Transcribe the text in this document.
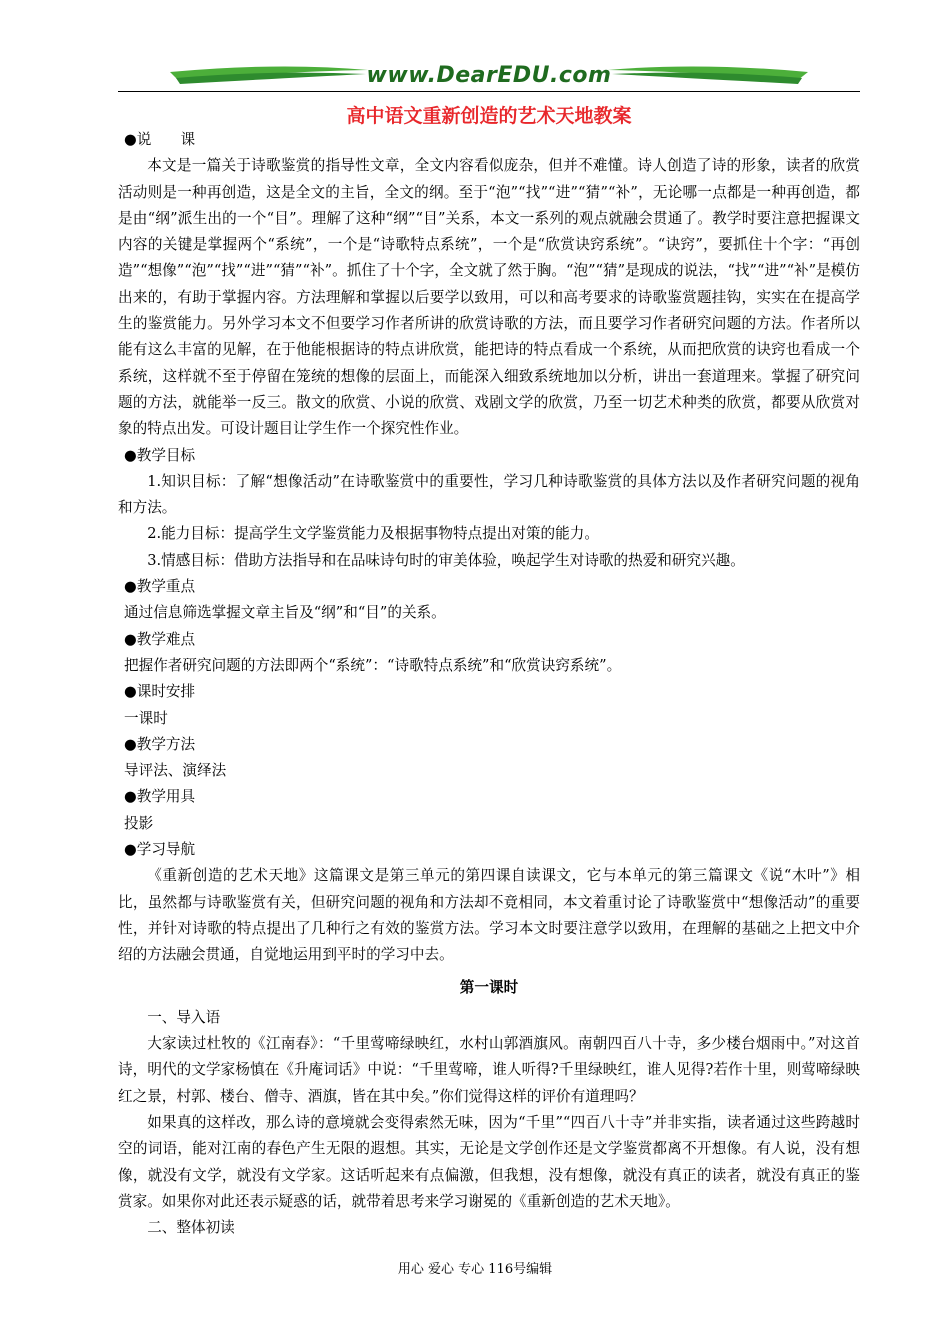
www.DearEDU.com
高中语文重新创造的艺术天地教案

●说　　课

本文是一篇关于诗歌鉴赏的指导性文章，全文内容看似庞杂，但并不难懂。诗人创造了诗的形象，读者的欣赏活动则是一种再创造，这是全文的主旨，全文的纲。至于“泡”“找”“进”“猜”“补”，无论哪一点都是一种再创造，都是由“纲”派生出的一个“目”。理解了这种“纲”“目”关系，本文一系列的观点就融会贯通了。教学时要注意把握课文内容的关键是掌握两个“系统”，一个是“诗歌特点系统”，一个是“欣赏诀窍系统”。“诀窍”，要抓住十个字：“再创造”“想像”“泡”“找”“进”“猜”“补”。抓住了十个字，全文就了然于胸。“泡”“猜”是现成的说法，“找”“进”“补”是模仿出来的，有助于掌握内容。方法理解和掌握以后要学以致用，可以和高考要求的诗歌鉴赏题挂钩，实实在在提高学生的鉴赏能力。另外学习本文不但要学习作者所讲的欣赏诗歌的方法，而且要学习作者研究问题的方法。作者所以能有这么丰富的见解，在于他能根据诗的特点讲欣赏，能把诗的特点看成一个系统，从而把欣赏的诀窍也看成一个系统，这样就不至于停留在笼统的想像的层面上，而能深入细致系统地加以分析，讲出一套道理来。掌握了研究问题的方法，就能举一反三。散文的欣赏、小说的欣赏、戏剧文学的欣赏，乃至一切艺术种类的欣赏，都要从欣赏对象的特点出发。可设计题目让学生作一个探究性作业。

●教学目标

1.知识目标：了解“想像活动”在诗歌鉴赏中的重要性，学习几种诗歌鉴赏的具体方法以及作者研究问题的视角和方法。

2.能力目标：提高学生文学鉴赏能力及根据事物特点提出对策的能力。

3.情感目标：借助方法指导和在品味诗句时的审美体验，唤起学生对诗歌的热爱和研究兴趣。

●教学重点

通过信息筛选掌握文章主旨及“纲”和“目”的关系。

●教学难点

把握作者研究问题的方法即两个“系统”：“诗歌特点系统”和“欣赏诀窍系统”。

●课时安排

一课时

●教学方法

导评法、演绎法

●教学用具

投影

●学习导航

《重新创造的艺术天地》这篇课文是第三单元的第四课自读课文，它与本单元的第三篇课文《说“木叶”》相比，虽然都与诗歌鉴赏有关，但研究问题的视角和方法却不竟相同，本文着重讨论了诗歌鉴赏中“想像活动”的重要性，并针对诗歌的特点提出了几种行之有效的鉴赏方法。学习本文时要注意学以致用，在理解的基础之上把文中介绍的方法融会贯通，自觉地运用到平时的学习中去。

第一课时

一、导入语

大家读过杜牧的《江南春》：“千里莺啼绿映红，水村山郭酒旗风。南朝四百八十寺，多少楼台烟雨中。”对这首诗，明代的文学家杨慎在《升庵词话》中说：“千里莺啼，谁人听得?千里绿映红，谁人见得?若作十里，则莺啼绿映红之景，村郭、楼台、僧寺、酒旗，皆在其中矣。”你们觉得这样的评价有道理吗？

如果真的这样改，那么诗的意境就会变得索然无味，因为“千里”“四百八十寺”并非实指，读者通过这些跨越时空的词语，能对江南的春色产生无限的遐想。其实，无论是文学创作还是文学鉴赏都离不开想像。有人说，没有想像，就没有文学，就没有文学家。这话听起来有点偏激，但我想，没有想像，就没有真正的读者，就没有真正的鉴赏家。如果你对此还表示疑惑的话，就带着思考来学习谢冕的《重新创造的艺术天地》。

二、整体初读

用心 爱心 专心 116号编辑
